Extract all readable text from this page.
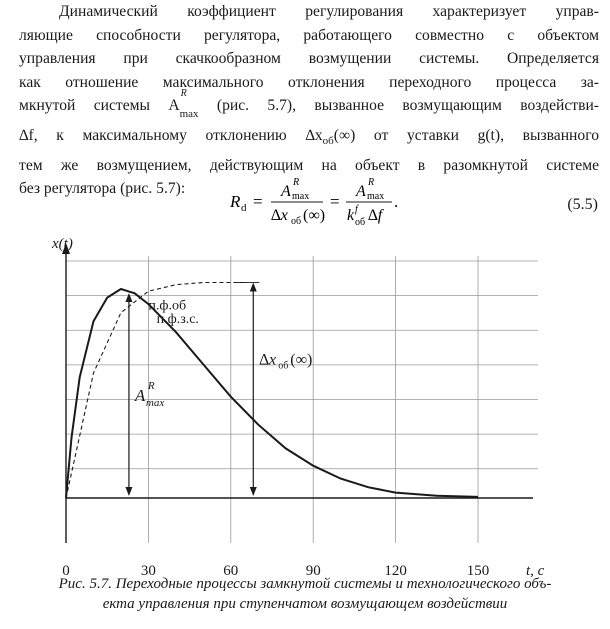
Динамический коэффициент регулирования характеризует управ-
ляющие способности регулятора, работающего совместно с объектом
управления при скачкообразном возмущении системы. Определяется
как отношение максимального отклонения переходного процесса за-
мкнутой системы A
R
$_{max}$ (рис. 5.7), вызванное возмущающим воздействи-
∆f, к максимальному отклонению $\Delta x_{об}(\infty)$ от уставки g(t), вызванного
тем же возмущением, действующим на объект в разомкнутой системе
без регулятора (рис. 5.7):
R d =
A
R
max
∆x об (∞)
=
A
R
max
k f
об ∆f
.	(5.5)
x(t)
t, с
0	30	60	90	120	150
п.ф.об
п.ф.з.с.
A R
max
∆x об (∞)
Рис. 5.7. Переходные процессы замкнутой системы и технологического объ-
екта управления при ступенчатом возмущающем воздействии
